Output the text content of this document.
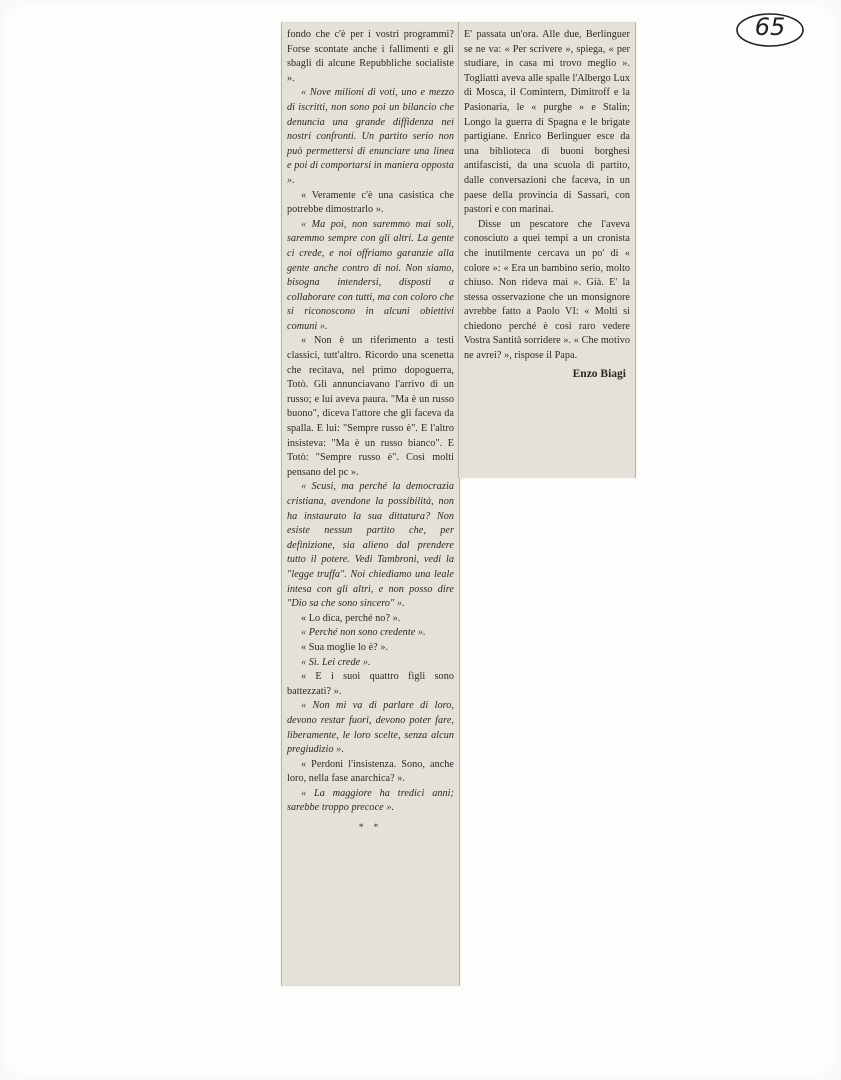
65

fondo che c'è per i vostri programmi? Forse scontate anche i fallimenti e gli sbagli di alcune Repubbliche socialiste ».

« Nove milioni di voti, uno e mezzo di iscritti, non sono poi un bilancio che denuncia una grande diffidenza nei nostri confronti. Un partito serio non può permettersi di enunciare una linea e poi di comportarsi in maniera opposta ».

« Veramente c'è una casistica che potrebbe dimostrarlo ».

« Ma poi, non saremmo mai soli, saremmo sempre con gli altri. La gente ci crede, e noi offriamo garanzie alla gente anche contro di noi. Non siamo, bisogna intendersi, disposti a collaborare con tutti, ma con coloro che si riconoscono in alcuni obiettivi comuni ».

« Non è un riferimento a testi classici, tutt'altro. Ricordo una scenetta che recitava, nel primo dopoguerra, Totò. Gli annunciavano l'arrivo di un russo; e lui aveva paura. "Ma è un russo buono", diceva l'attore che gli faceva da spalla. E lui: "Sempre russo è". E l'altro insisteva: "Ma è un russo bianco". E Totò: "Sempre russo è". Così molti pensano del pc ».

« Scusi, ma perché la democrazia cristiana, avendone la possibilità, non ha instaurato la sua dittatura? Non esiste nessun partito che, per definizione, sia alieno dal prendere tutto il potere. Vedi Tambroni, vedi la "legge truffa". Noi chiediamo una leale intesa con gli altri, e non posso dire "Dio sa che sono sincero" ».

« Lo dica, perché no? ».

« Perché non sono credente ».

« Sua moglie lo è? ».

« Sì. Lei crede ».

« E i suoi quattro figli sono battezzati? ».

« Non mi va di parlare di loro, devono restar fuori, devono poter fare, liberamente, le loro scelte, senza alcun pregiudizio ».

« Perdoni l'insistenza. Sono, anche loro, nella fase anarchica? ».

« La maggiore ha tredici anni; sarebbe troppo precoce ».

* *

E' passata un'ora. Alle due, Berlinguer se ne va: « Per scrivere », spiega, « per studiare, in casa mi trovo meglio ». Togliatti aveva alle spalle l'Albergo Lux di Mosca, il Comintern, Dimitroff e la Pasionaria, le « purghe » e Stalin; Longo la guerra di Spagna e le brigate partigiane. Enrico Berlinguer esce da una biblioteca di buoni borghesi antifascisti, da una scuola di partito, dalle conversazioni che faceva, in un paese della provincia di Sassari, con pastori e con marinai.

Disse un pescatore che l'aveva conosciuto a quei tempi a un cronista che inutilmente cercava un po' di « colore »: « Era un bambino serio, molto chiuso. Non rideva mai ». Già. E' la stessa osservazione che un monsignore avrebbe fatto a Paolo VI: « Molti si chiedono perché è così raro vedere Vostra Santità sorridere ». « Che motivo ne avrei? », rispose il Papa.

Enzo Biagi
